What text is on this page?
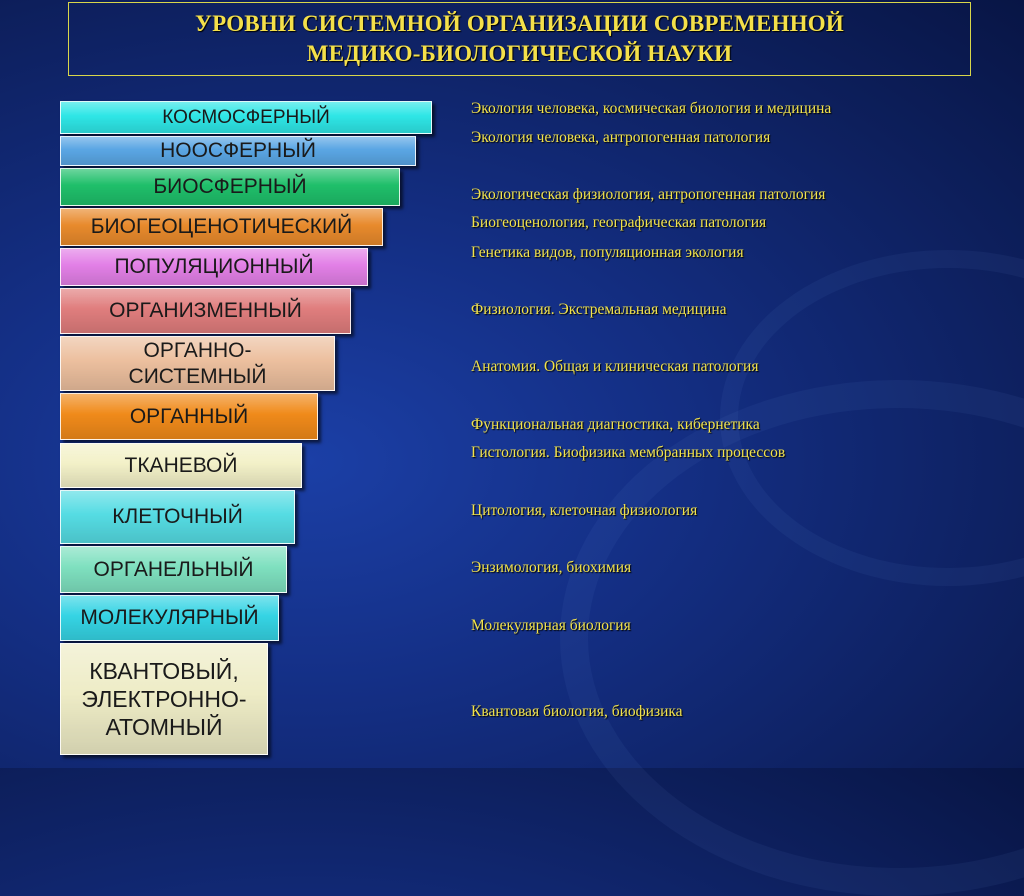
УРОВНИ СИСТЕМНОЙ ОРГАНИЗАЦИИ СОВРЕМЕННОЙ
МЕДИКО-БИОЛОГИЧЕСКОЙ НАУКИ
КОСМОСФЕРНЫЙ
НООСФЕРНЫЙ
БИОСФЕРНЫЙ
БИОГЕОЦЕНОТИЧЕСКИЙ
ПОПУЛЯЦИОННЫЙ
ОРГАНИЗМЕННЫЙ
ОРГАННО-
СИСТЕМНЫЙ
ОРГАННЫЙ
ТКАНЕВОЙ
КЛЕТОЧНЫЙ
ОРГАНЕЛЬНЫЙ
МОЛЕКУЛЯРНЫЙ
КВАНТОВЫЙ,
ЭЛЕКТРОННО-
АТОМНЫЙ
Экология человека, космическая биология и медицина
Экология человека, антропогенная патология
Экологическая физиология, антропогенная патология
Биогеоценология, географическая патология
Генетика видов, популяционная экология
Физиология. Экстремальная медицина
Анатомия. Общая и клиническая патология
Функциональная диагностика, кибернетика
Гистология. Биофизика мембранных процессов
Цитология, клеточная физиология
Энзимология, биохимия
Молекулярная биология
Квантовая биология, биофизика
